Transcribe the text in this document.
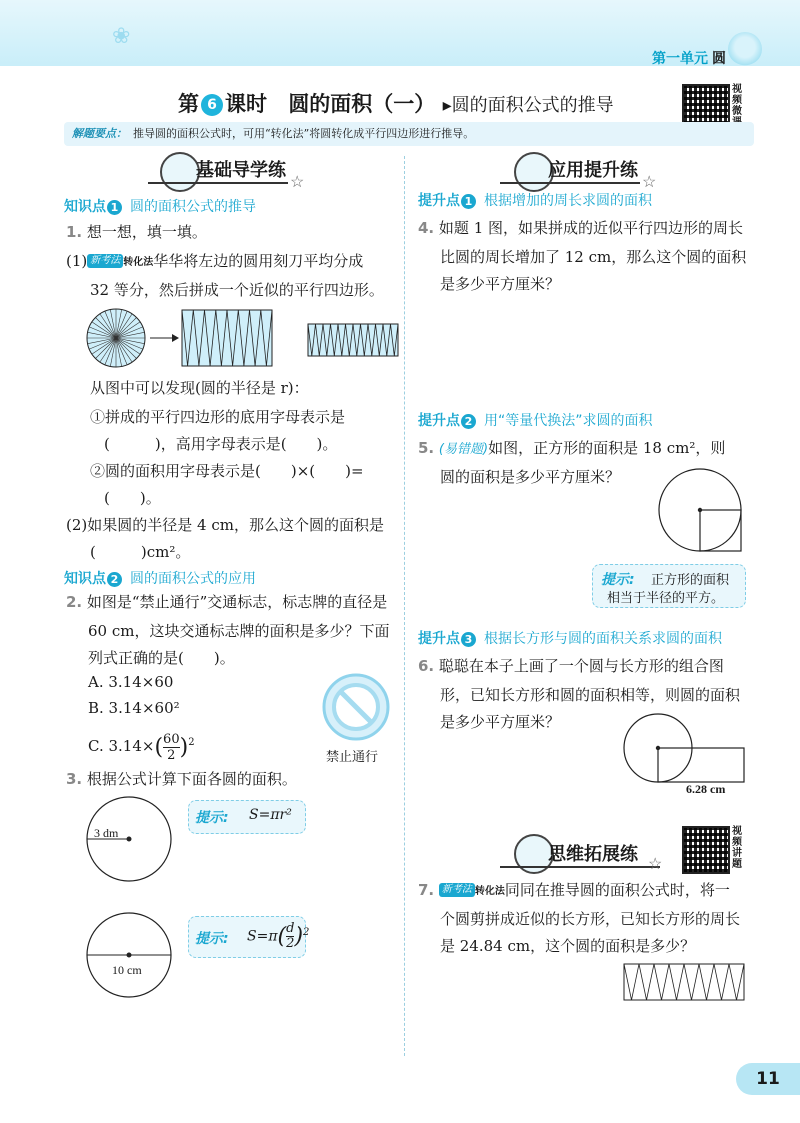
❀
第一单元 圆
第 6 课时 圆的面积（一） ▸圆的面积公式的推导
视频微
解题要点： 推导圆的面积公式时，可用“转化法”将圆转化成平行四边形进行推导。
基础导学练
☆
知识点 1 圆的面积公式的推导
1. 想一想，填一填。
(1) 新考法 转化法华华将左边的圆用刻刀平均分成
32 等分，然后拼成一个近似的平行四边形。
从图中可以发现(圆的半径是 r)：
①拼成的平行四边形的底用字母表示是
(　　　)，高用字母表示是(　　)。
②圆的面积用字母表示是(　　)×(　　)=
(　　)。
(2)如果圆的半径是 4 cm，那么这个圆的面积是
(　　　)cm²。
知识点 2 圆的面积公式的应用
2. 如图是“禁止通行”交通标志，标志牌的直径是
60 cm，这块交通标志牌的面积是多少？下面
列式正确的是(　　)。
A. 3.14×60
B. 3.14×60²
C. $3.14\times( \frac{60}{2} )^2$
禁止通行
3. 根据公式计算下面各圆的面积。
3 dm
提示: S=πr²
10 cm
提示: $S=\pi( \frac{d}{2} )^2$
应用提升练
☆
提升点 1 根据增加的周长求圆的面积
4. 如题 1 图，如果拼成的近似平行四边形的周长
比圆的周长增加了 12 cm，那么这个圆的面积
是多少平方厘米？
提升点 2 用“等量代换法”求圆的面积
5. (易错题)如图，正方形的面积是 18 cm²，则
圆的面积是多少平方厘米？
提示: 正方形的面积
相当于半径的平方。
提升点 3 根据长方形与圆的面积关系求圆的面积
6. 聪聪在本子上画了一个圆与长方形的组合图
形，已知长方形和圆的面积相等，则圆的面积
是多少平方厘米？
6.28 cm
思维拓展练 ☆
视频讲题
7. 新考法 转化法同同在推导圆的面积公式时，将一
个圆剪拼成近似的长方形，已知长方形的周长
是 24.84 cm，这个圆的面积是多少？
11
